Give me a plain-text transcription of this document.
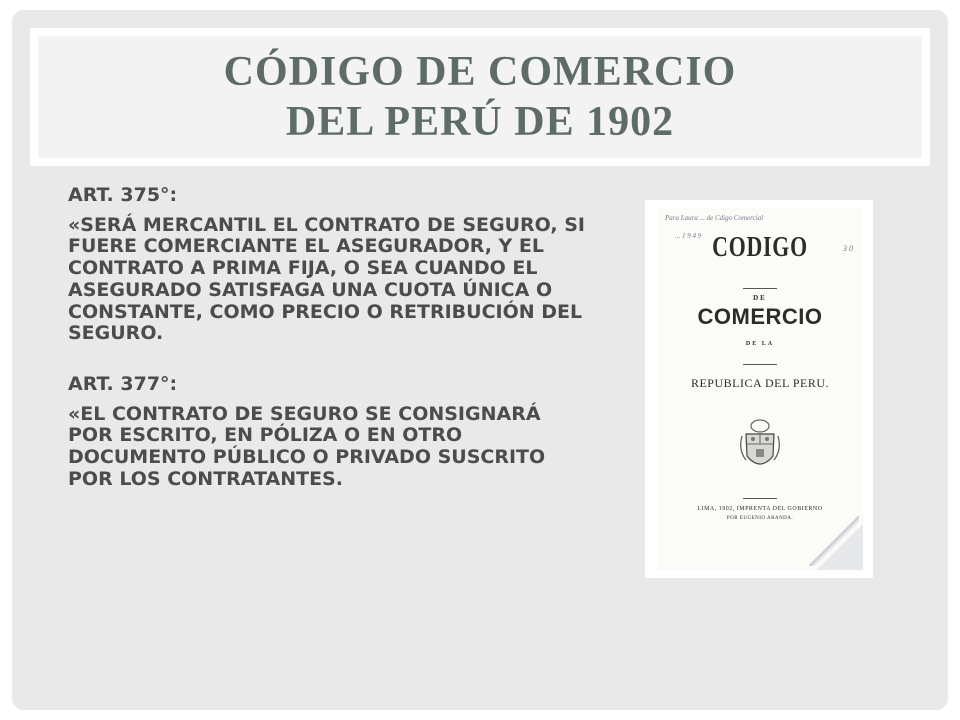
CÓDIGO DE COMERCIO
DEL PERÚ DE 1902
ART. 375°:
«SERÁ MERCANTIL EL CONTRATO DE SEGURO, SI FUERE COMERCIANTE EL ASEGURADOR, Y EL CONTRATO A PRIMA FIJA, O SEA CUANDO EL ASEGURADO SATISFAGA UNA CUOTA ÚNICA O CONSTANTE, COMO PRECIO O RETRIBUCIÓN DEL SEGURO.
ART. 377°:
«EL CONTRATO DE SEGURO SE CONSIGNARÁ POR ESCRITO, EN PÓLIZA O EN OTRO DOCUMENTO PÚBLICO O PRIVADO SUSCRITO POR LOS CONTRATANTES.
Para Laura ... de Cdigo Comercial
... 1 9 4 9
3 0
CODIGO
DE
COMERCIO
DE LA
REPUBLICA DEL PERU.
LIMA, 1902, IMPRENTA DEL GOBIERNO
POR EUGENIO ARANDA.
